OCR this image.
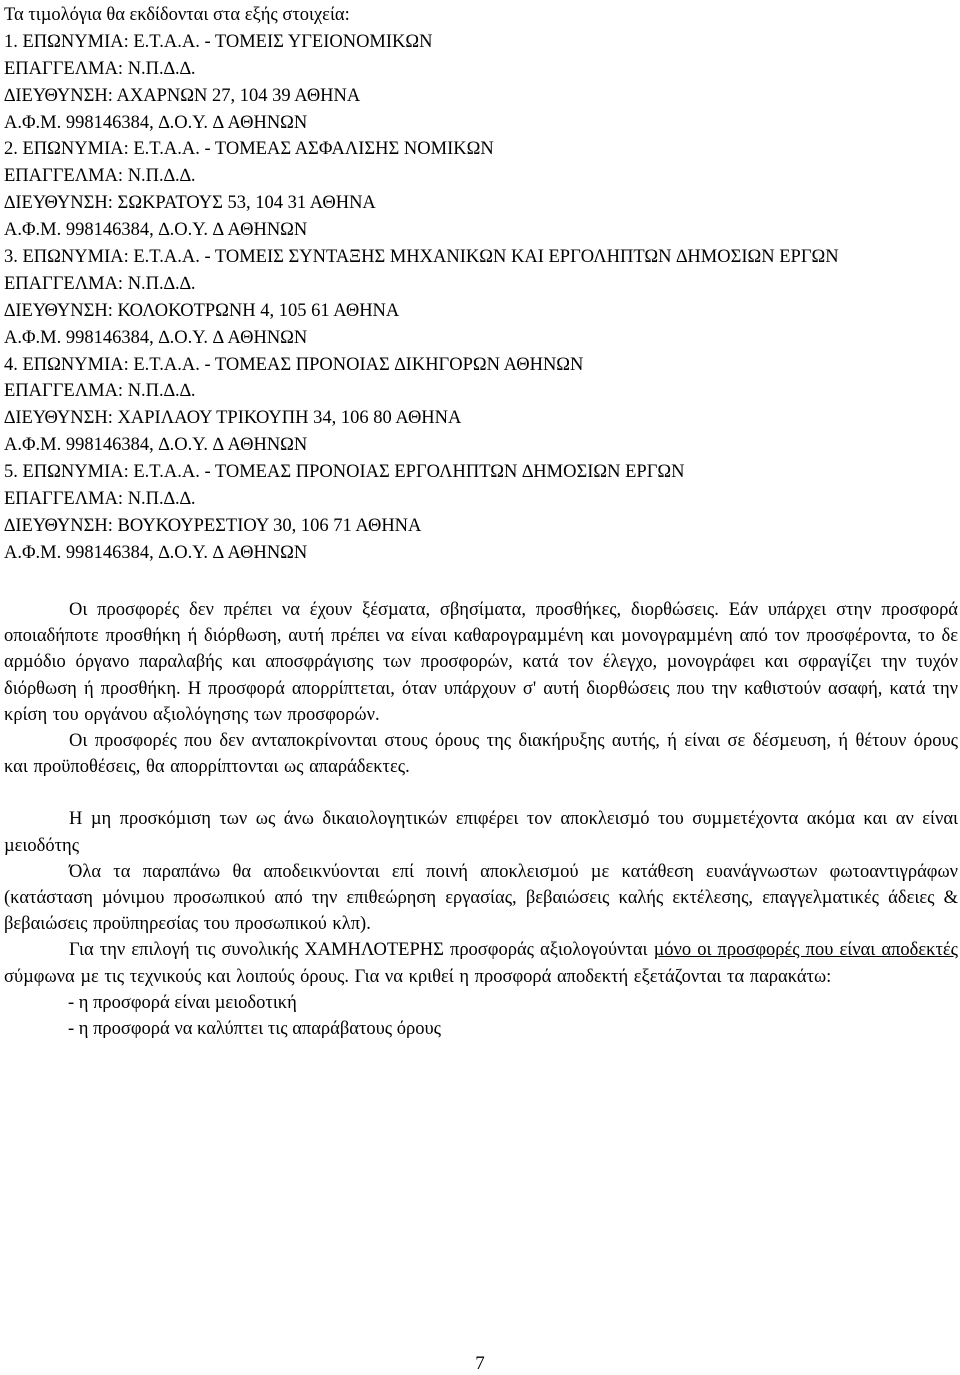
Τα τιµολόγια θα εκδίδονται στα εξής στοιχεία:
1. ΕΠΩΝΥΜΙΑ: Ε.Τ.Α.Α. - ΤΟΜΕΙΣ ΥΓΕΙΟΝΟΜΙΚΩΝ
ΕΠΑΓΓΕΛΜΑ: Ν.Π.∆.∆.
∆ΙΕΥΘΥΝΣΗ: ΑΧΑΡΝΩΝ 27, 104 39 ΑΘΗΝΑ
Α.Φ.Μ. 998146384, ∆.Ο.Υ. ∆ ΑΘΗΝΩΝ
2. ΕΠΩΝΥΜΙΑ: Ε.Τ.Α.Α. - ΤΟΜΕΑΣ ΑΣΦΑΛΙΣΗΣ ΝΟΜΙΚΩΝ
ΕΠΑΓΓΕΛΜΑ: Ν.Π.∆.∆.
∆ΙΕΥΘΥΝΣΗ: ΣΩΚΡΑΤΟΥΣ 53, 104 31 ΑΘΗΝΑ
Α.Φ.Μ. 998146384, ∆.Ο.Υ. ∆ ΑΘΗΝΩΝ
3. ΕΠΩΝΥΜΙΑ: Ε.Τ.Α.Α. - ΤΟΜΕΙΣ ΣΥΝΤΑΞΗΣ ΜΗΧΑΝΙΚΩΝ ΚΑΙ ΕΡΓΟΛΗΠΤΩΝ ∆ΗΜΟΣΙΩΝ ΕΡΓΩΝ
ΕΠΑΓΓΕΛΜΑ: Ν.Π.∆.∆.
∆ΙΕΥΘΥΝΣΗ: ΚΟΛΟΚΟΤΡΩΝΗ 4, 105 61 ΑΘΗΝΑ
Α.Φ.Μ. 998146384, ∆.Ο.Υ. ∆ ΑΘΗΝΩΝ
4. ΕΠΩΝΥΜΙΑ: Ε.Τ.Α.Α. - ΤΟΜΕΑΣ ΠΡΟΝΟΙΑΣ ∆ΙΚΗΓΟΡΩΝ ΑΘΗΝΩΝ
ΕΠΑΓΓΕΛΜΑ: Ν.Π.∆.∆.
∆ΙΕΥΘΥΝΣΗ: ΧΑΡΙΛΑΟΥ ΤΡΙΚΟΥΠΗ 34, 106 80 ΑΘΗΝΑ
Α.Φ.Μ. 998146384, ∆.Ο.Υ. ∆ ΑΘΗΝΩΝ
5. ΕΠΩΝΥΜΙΑ: Ε.Τ.Α.Α. - ΤΟΜΕΑΣ ΠΡΟΝΟΙΑΣ ΕΡΓΟΛΗΠΤΩΝ ∆ΗΜΟΣΙΩΝ ΕΡΓΩΝ
ΕΠΑΓΓΕΛΜΑ: Ν.Π.∆.∆.
∆ΙΕΥΘΥΝΣΗ: ΒΟΥΚΟΥΡΕΣΤΙΟΥ 30, 106 71 ΑΘΗΝΑ
Α.Φ.Μ. 998146384, ∆.Ο.Υ. ∆ ΑΘΗΝΩΝ

Οι προσφορές δεν πρέπει να έχουν ξέσµατα, σβησίµατα, προσθήκες, διορθώσεις. Εάν υπάρχει στην προσφορά οποιαδήποτε προσθήκη ή διόρθωση, αυτή πρέπει να είναι καθαρογραµµένη και µονογραµµένη από τον προσφέροντα, το δε αρµόδιο όργανο παραλαβής και αποσφράγισης των προσφορών, κατά τον έλεγχο, µονογράφει και σφραγίζει την τυχόν διόρθωση ή προσθήκη. Η προσφορά απορρίπτεται, όταν υπάρχουν σ' αυτή διορθώσεις που την καθιστούν ασαφή, κατά την κρίση του οργάνου αξιολόγησης των προσφορών.

Οι προσφορές που δεν ανταποκρίνονται στους όρους της διακήρυξης αυτής, ή είναι σε δέσµευση, ή θέτουν όρους και προϋποθέσεις, θα απορρίπτονται ως απαράδεκτες.

Η µη προσκόµιση των ως άνω δικαιολογητικών επιφέρει τον αποκλεισµό του συµµετέχοντα ακόµα και αν είναι µειοδότης

Όλα τα παραπάνω θα αποδεικνύονται επί ποινή αποκλεισµού µε κατάθεση ευανάγνωστων φωτοαντιγράφων (κατάσταση µόνιµου προσωπικού από την επιθεώρηση εργασίας, βεβαιώσεις καλής εκτέλεσης, επαγγελµατικές άδειες & βεβαιώσεις προϋπηρεσίας του προσωπικού κλπ).

Για την επιλογή τις συνολικής ΧΑΜΗΛΟΤΕΡΗΣ προσφοράς αξιολογούνται µόνο οι προσφορές που είναι αποδεκτές σύµφωνα µε τις τεχνικούς και λοιπούς όρους. Για να κριθεί η προσφορά αποδεκτή εξετάζονται τα παρακάτω:

- η προσφορά είναι µειοδοτική

- η προσφορά να καλύπτει τις απαράβατους όρους

7
